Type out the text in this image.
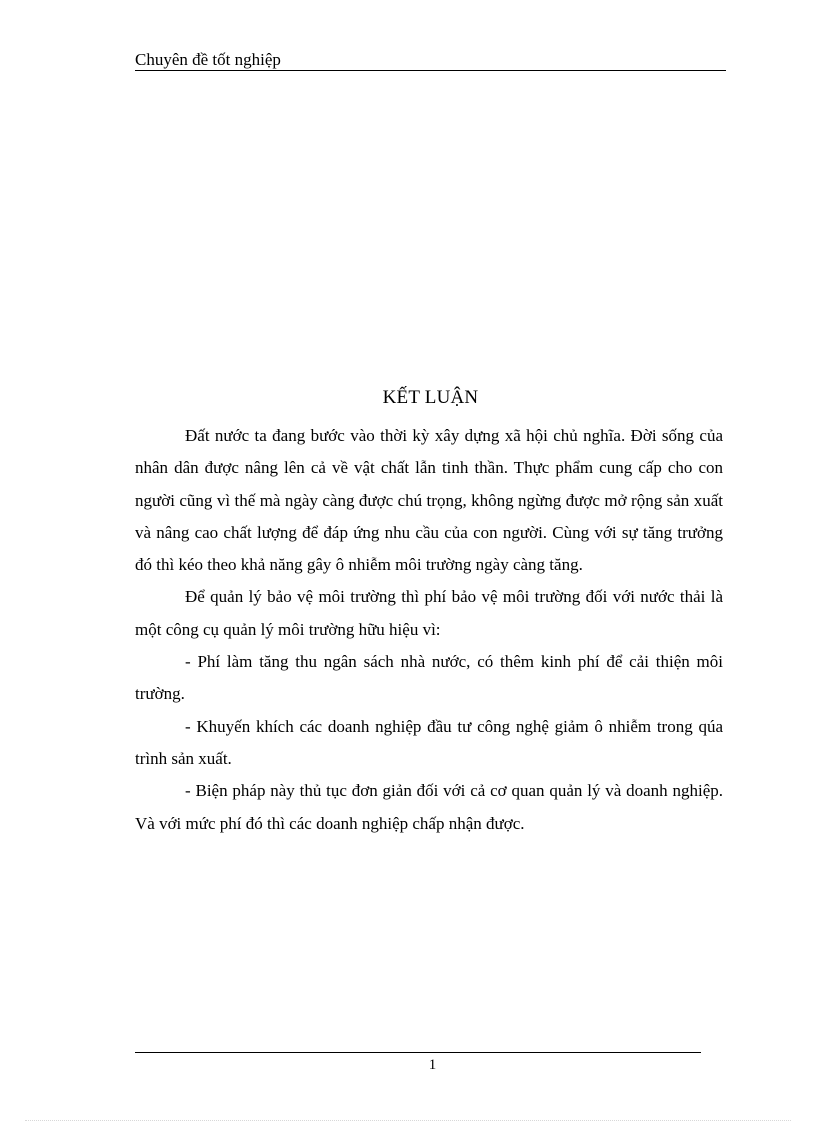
Chuyên đề tốt nghiệp
KẾT LUẬN

Đất nước ta đang bước vào thời kỳ xây dựng xã hội chủ nghĩa. Đời sống của nhân dân được nâng lên cả về vật chất lẫn tinh thần. Thực phẩm cung cấp cho con người cũng vì thế mà ngày càng được chú trọng, không ngừng được mở rộng sản xuất và nâng cao chất lượng để đáp ứng nhu cầu của con người. Cùng với sự tăng trưởng đó thì kéo theo khả năng gây ô nhiễm môi trường ngày càng tăng.

Để quản lý bảo vệ môi trường thì phí bảo vệ môi trường đối với nước thải là một công cụ quản lý môi trường hữu hiệu vì:

- Phí làm tăng thu ngân sách nhà nước, có thêm kinh phí để cải thiện môi trường.

- Khuyến khích các doanh nghiệp đầu tư công nghệ giảm ô nhiễm trong qúa trình sản xuất.

- Biện pháp này thủ tục đơn giản đối với cả cơ quan quản lý và doanh nghiệp. Và với mức phí đó thì các doanh nghiệp chấp nhận được.

1
